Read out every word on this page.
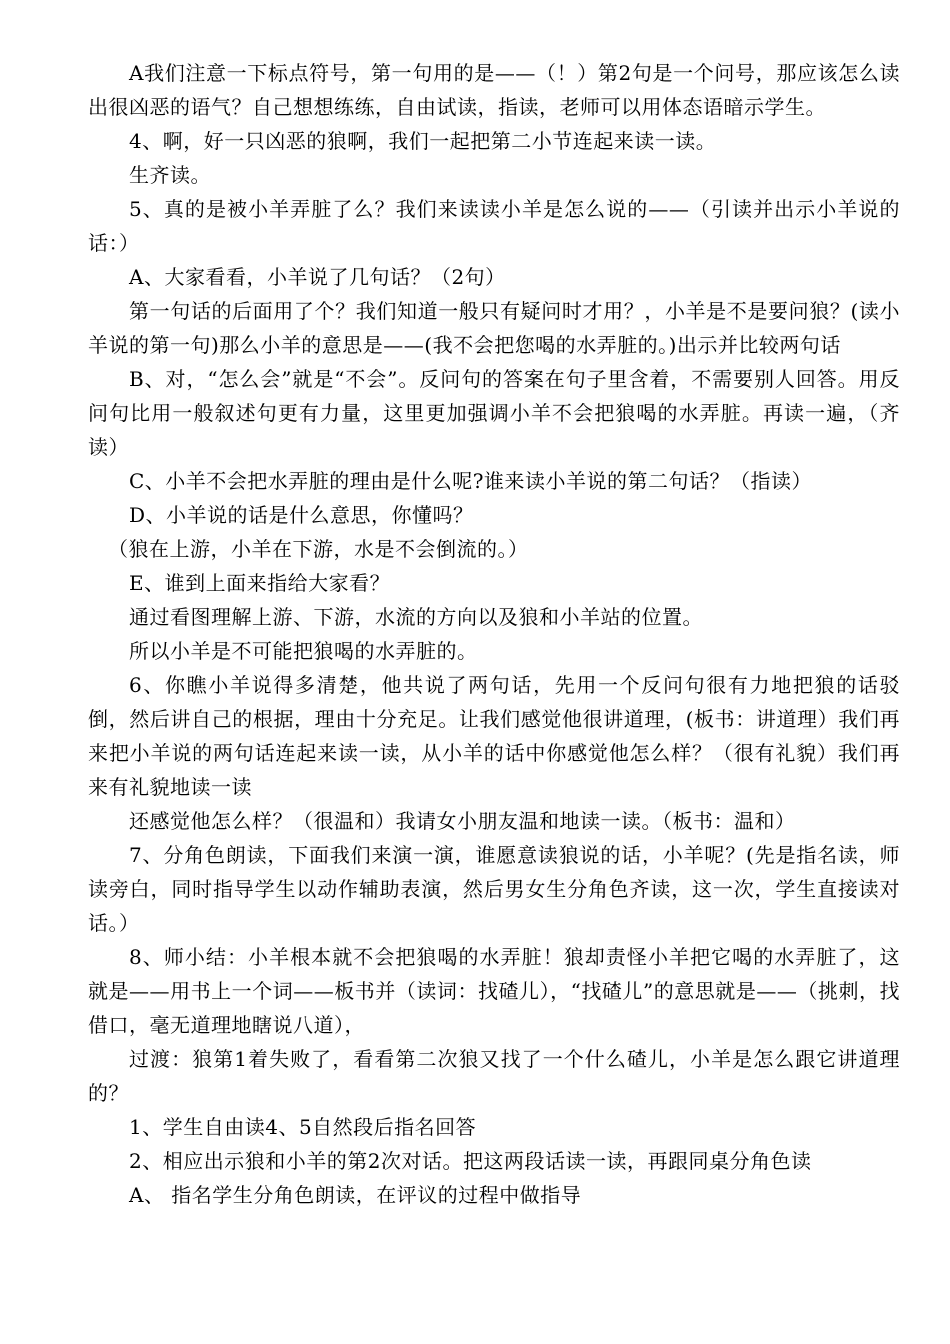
A我们注意一下标点符号，第一句用的是——（！）第2句是一个问号，那应该怎么读出很凶恶的语气？自己想想练练，自由试读，指读，老师可以用体态语暗示学生。

4、啊，好一只凶恶的狼啊，我们一起把第二小节连起来读一读。

生齐读。

5、真的是被小羊弄脏了么？我们来读读小羊是怎么说的——（引读并出示小羊说的话：）

A、大家看看，小羊说了几句话？（2句）

第一句话的后面用了个？我们知道一般只有疑问时才用？，小羊是不是要问狼？(读小羊说的第一句)那么小羊的意思是——(我不会把您喝的水弄脏的。)出示并比较两句话

B、对，“怎么会”就是“不会”。反问句的答案在句子里含着，不需要别人回答。用反问句比用一般叙述句更有力量，这里更加强调小羊不会把狼喝的水弄脏。再读一遍，（齐读）

C、小羊不会把水弄脏的理由是什么呢?谁来读小羊说的第二句话？（指读）

D、小羊说的话是什么意思，你懂吗？

（狼在上游，小羊在下游，水是不会倒流的。）

E、谁到上面来指给大家看？

通过看图理解上游、下游，水流的方向以及狼和小羊站的位置。

所以小羊是不可能把狼喝的水弄脏的。

6、你瞧小羊说得多清楚，他共说了两句话，先用一个反问句很有力地把狼的话驳倒，然后讲自己的根据，理由十分充足。让我们感觉他很讲道理，(板书：讲道理）我们再来把小羊说的两句话连起来读一读，从小羊的话中你感觉他怎么样？（很有礼貌）我们再来有礼貌地读一读

还感觉他怎么样？（很温和）我请女小朋友温和地读一读。（板书：温和）

7、分角色朗读，下面我们来演一演，谁愿意读狼说的话，小羊呢？(先是指名读，师读旁白，同时指导学生以动作辅助表演，然后男女生分角色齐读，这一次，学生直接读对话。）

8、师小结：小羊根本就不会把狼喝的水弄脏！狼却责怪小羊把它喝的水弄脏了，这就是——用书上一个词——板书并（读词：找碴儿），“找碴儿”的意思就是——（挑刺，找借口，毫无道理地瞎说八道），

过渡：狼第1着失败了，看看第二次狼又找了一个什么碴儿，小羊是怎么跟它讲道理的？

1、学生自由读4、5自然段后指名回答

2、相应出示狼和小羊的第2次对话。把这两段话读一读，再跟同桌分角色读

A、 指名学生分角色朗读，在评议的过程中做指导
